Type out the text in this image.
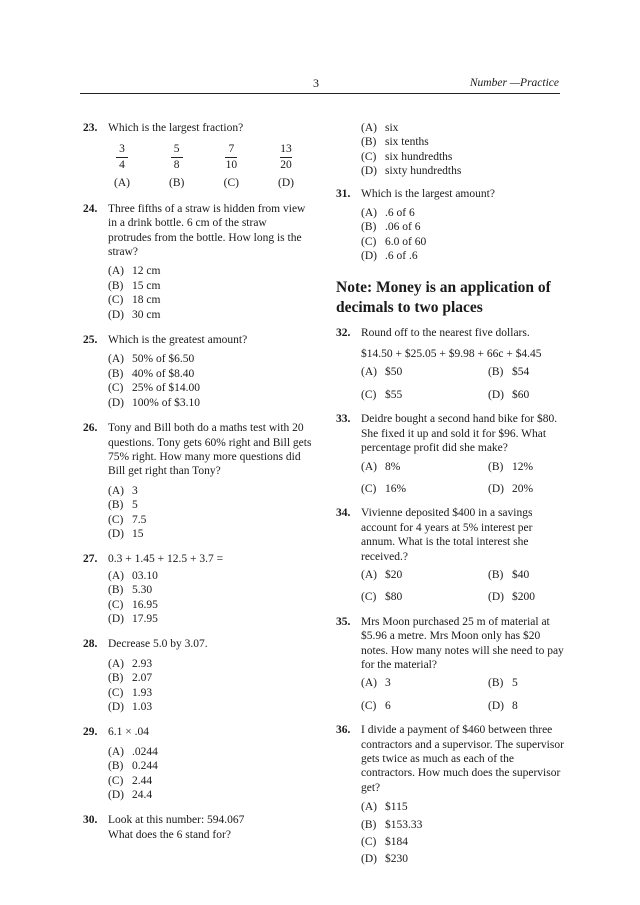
3	Number —Practice
23. Which is the largest fraction?
3
4
(A)
5
8
(B)
7
10
(C)
13
20
(D)
24. Three fifths of a straw is hidden from view in a drink bottle. 6 cm of the straw protrudes from the bottle. How long is the straw?
(A) 12 cm
(B) 15 cm
(C) 18 cm
(D) 30 cm
25. Which is the greatest amount?
(A) 50% of $6.50
(B) 40% of $8.40
(C) 25% of $14.00
(D) 100% of $3.10
26. Tony and Bill both do a maths test with 20 questions. Tony gets 60% right and Bill gets 75% right. How many more questions did Bill get right than Tony?
(A) 3
(B) 5
(C) 7.5
(D) 15
27. 0.3 + 1.45 + 12.5 + 3.7 =
(A) 03.10
(B) 5.30
(C) 16.95
(D) 17.95
28. Decrease 5.0 by 3.07.
(A) 2.93
(B) 2.07
(C) 1.93
(D) 1.03
29. 6.1 × .04
(A) .0244
(B) 0.244
(C) 2.44
(D) 24.4
30. Look at this number: 594.067
What does the 6 stand for?
(A) six
(B) six tenths
(C) six hundredths
(D) sixty hundredths
31. Which is the largest amount?
(A) .6 of 6
(B) .06 of 6
(C) 6.0 of 60
(D) .6 of .6
Note: Money is an application of decimals to two places
32. Round off to the nearest five dollars.
$14.50 + $25.05 + $9.98 + 66c + $4.45
(A) $50	(B) $54
(C) $55	(D) $60
33. Deidre bought a second hand bike for $80. She fixed it up and sold it for $96. What percentage profit did she make?
(A) 8%	(B) 12%
(C) 16%	(D) 20%
34. Vivienne deposited $400 in a savings account for 4 years at 5% interest per annum. What is the total interest she received.?
(A) $20	(B) $40
(C) $80	(D) $200
35. Mrs Moon purchased 25 m of material at $5.96 a metre. Mrs Moon only has $20 notes. How many notes will she need to pay for the material?
(A) 3	(B) 5
(C) 6	(D) 8
36. I divide a payment of $460 between three contractors and a supervisor. The supervisor gets twice as much as each of the contractors. How much does the supervisor get?
(A) $115
(B) $153.33
(C) $184
(D) $230
